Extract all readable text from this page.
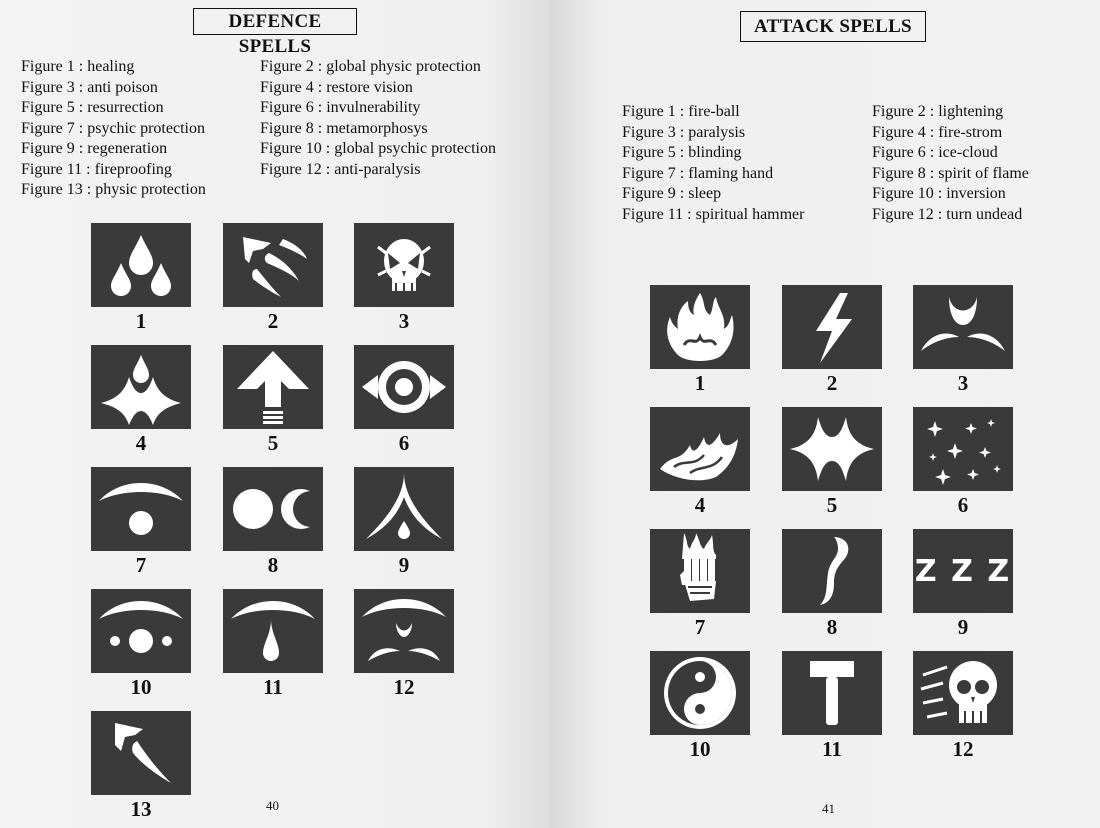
DEFENCE SPELLS
Figure 1 : healing
Figure 3 : anti poison
Figure 5 : resurrection
Figure 7 : psychic protection
Figure 9 : regeneration
Figure 11 : fireproofing
Figure 13 : physic protection
Figure 2 : global physic protection
Figure 4 : restore vision
Figure 6 : invulnerability
Figure 8 : metamorphosys
Figure 10 : global psychic protection
Figure 12 : anti-paralysis
1	2	3
4	5	6
7	8	9
10	11	12
13	40
ATTACK SPELLS
Figure 1 : fire-ball
Figure 3 : paralysis
Figure 5 : blinding
Figure 7 : flaming hand
Figure 9 : sleep
Figure 11 : spiritual hammer
Figure 2 : lightening
Figure 4 : fire-strom
Figure 6 : ice-cloud
Figure 8 : spirit of flame
Figure 10 : inversion
Figure 12 : turn undead
1	2	3
4	5	6
7	8
Z Z Z
9
10	11	12
41
